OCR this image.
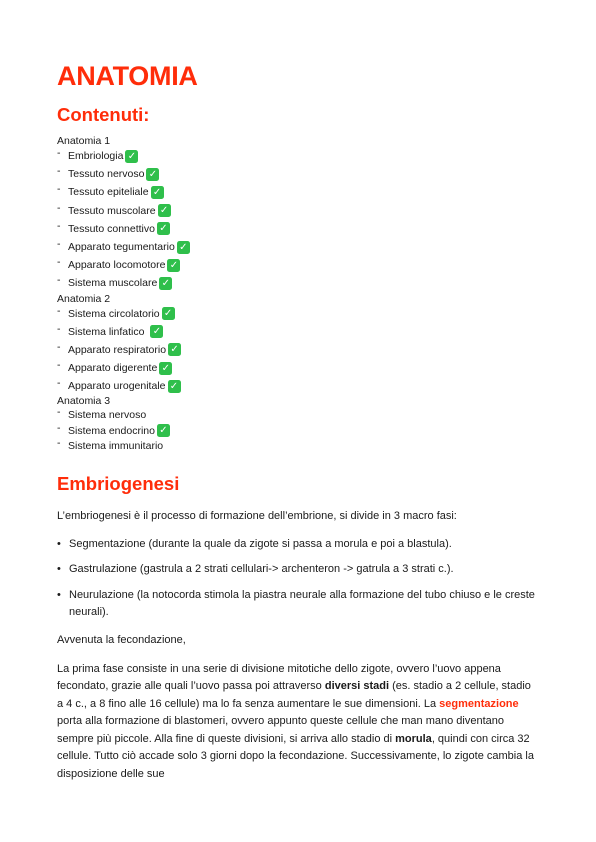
ANATOMIA
Contenuti:
Anatomia 1
- Embriologia ✓
- Tessuto nervoso ✓
- Tessuto epiteliale ✓
- Tessuto muscolare ✓
- Tessuto connettivo ✓
- Apparato tegumentario ✓
- Apparato locomotore ✓
- Sistema muscolare ✓
Anatomia 2
- Sistema circolatorio ✓
- Sistema linfatico ✓
- Apparato respiratorio ✓
- Apparato digerente ✓
- Apparato urogenitale ✓
Anatomia 3
- Sistema nervoso
- Sistema endocrino ✓
- Sistema immunitario
Embriogenesi

L’embriogenesi è il processo di formazione dell’embrione, si divide in 3 macro fasi:

• Segmentazione (durante la quale da zigote si passa a morula e poi a blastula).
• Gastrulazione (gastrula a 2 strati cellulari-> archenteron -> gatrula a 3 strati c.).
• Neurulazione (la notocorda stimola la piastra neurale alla formazione del tubo chiuso e le creste neurali).

Avvenuta la fecondazione,

La prima fase consiste in una serie di divisione mitotiche dello zigote, ovvero l’uovo appena fecondato, grazie alle quali l’uovo passa poi attraverso diversi stadi (es. stadio a 2 cellule, stadio a 4 c., a 8 fino alle 16 cellule) ma lo fa senza aumentare le sue dimensioni. La segmentazione porta alla formazione di blastomeri, ovvero appunto queste cellule che man mano diventano sempre più piccole. Alla fine di queste divisioni, si arriva allo stadio di morula, quindi con circa 32 cellule. Tutto ciò accade solo 3 giorni dopo la fecondazione. Successivamente, lo zigote cambia la disposizione delle sue
